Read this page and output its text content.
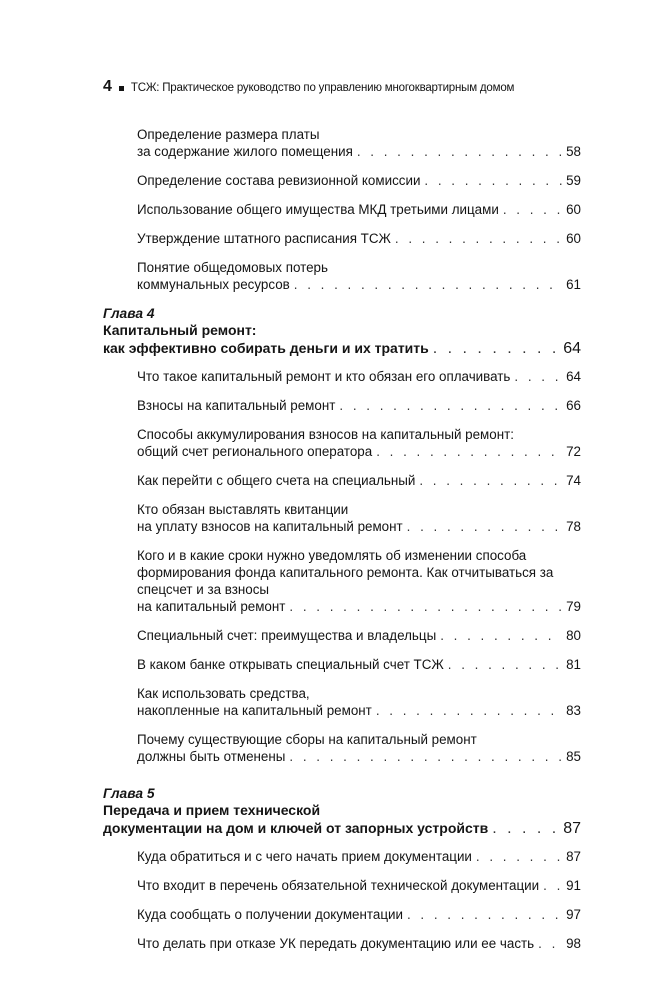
4 ТСЖ: Практическое руководство по управлению многоквартирным домом
Определение размера платы
за содержание жилого помещения . . .	58
Определение состава ревизионной комиссии . . .	59
Использование общего имущества МКД третьими лицами . . .	60
Утверждение штатного расписания ТСЖ . . .	60
Понятие общедомовых потерь
коммунальных ресурсов . . .	61
Глава 4
Капитальный ремонт:
как эффективно собирать деньги и их тратить . . .	64
Что такое капитальный ремонт и кто обязан его оплачивать . . .	64
Взносы на капитальный ремонт . . .	66
Способы аккумулирования взносов на капитальный ремонт:
общий счет регионального оператора . . .	72
Как перейти с общего счета на специальный . . .	74
Кто обязан выставлять квитанции
на уплату взносов на капитальный ремонт . . .	78
Кого и в какие сроки нужно уведомлять об изменении способа формирования фонда капитального ремонта. Как отчитываться за спецсчет и за взносы
на капитальный ремонт . . .	79
Специальный счет: преимущества и владельцы . . .	80
В каком банке открывать специальный счет ТСЖ . . .	81
Как использовать средства,
накопленные на капитальный ремонт . . .	83
Почему существующие сборы на капитальный ремонт
должны быть отменены . . .	85
Глава 5
Передача и прием технической
документации на дом и ключей от запорных устройств . . .	87
Куда обратиться и с чего начать прием документации . . .	87
Что входит в перечень обязательной технической документации . . . 91
Куда сообщать о получении документации . . .	97
Что делать при отказе УК передать документацию или ее часть . . . 98
